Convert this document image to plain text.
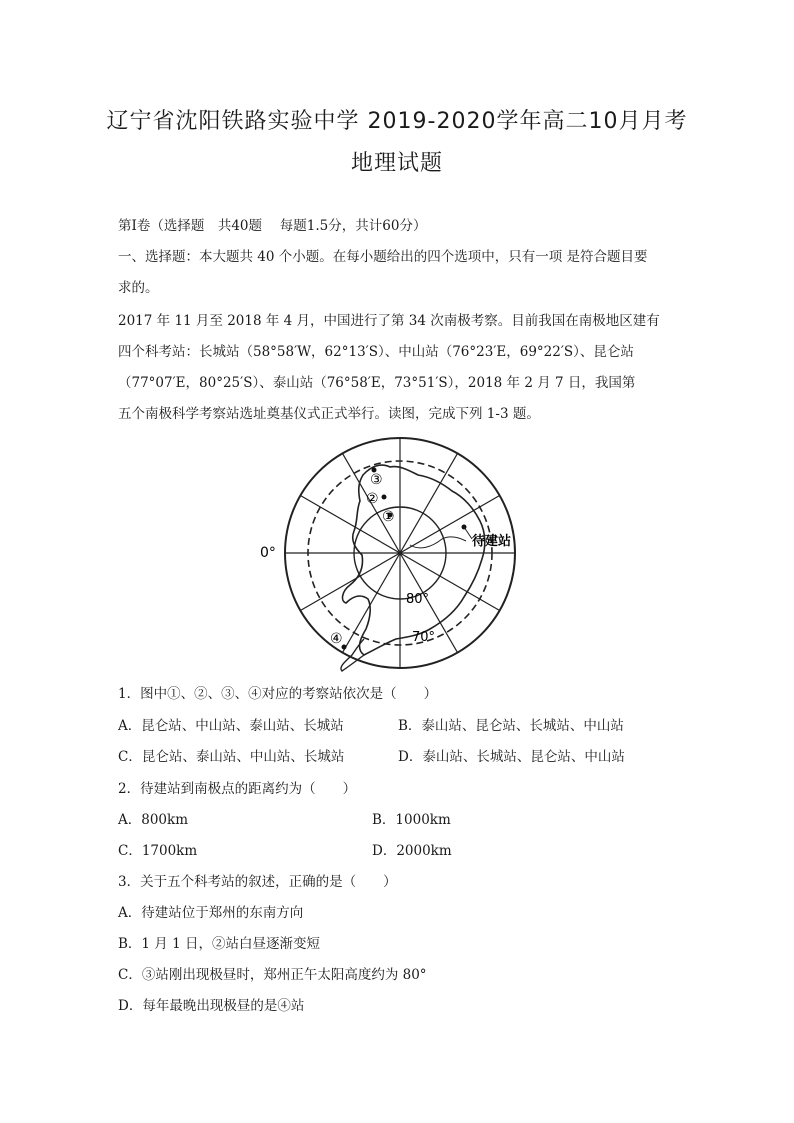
辽宁省沈阳铁路实验中学 2019-2020学年高二10月月考
地理试题
第Ⅰ卷（选择题　共40题　 每题1.5分，共计60分）
一、选择题：本大题共 40 个小题。在每小题给出的四个选项中，只有一项 是符合题目要
求的。
2017 年 11 月至 2018 年 4 月，中国进行了第 34 次南极考察。目前我国在南极地区建有
四个科考站：长城站（58°58′W，62°13′S）、中山站（76°23′E，69°22′S）、昆仑站
（77°07′E，80°25′S）、泰山站（76°58′E，73°51′S），2018 年 2 月 7 日，我国第
五个南极科学考察站选址奠基仪式正式举行。读图，完成下列 1-3 题。
0°
待建站
80°
70°
①
②
③
④
1．图中①、②、③、④对应的考察站依次是（　　）
A．昆仑站、中山站、泰山站、长城站	B．泰山站、昆仑站、长城站、中山站
C．昆仑站、泰山站、中山站、长城站	D．泰山站、长城站、昆仑站、中山站
2．待建站到南极点的距离约为（　　）
A．800km	B．1000km
C．1700km	D．2000km
3．关于五个科考站的叙述，正确的是（　　）
A．待建站位于郑州的东南方向
B．1 月 1 日，②站白昼逐渐变短
C．③站刚出现极昼时，郑州正午太阳高度约为 80°
D．每年最晚出现极昼的是④站
